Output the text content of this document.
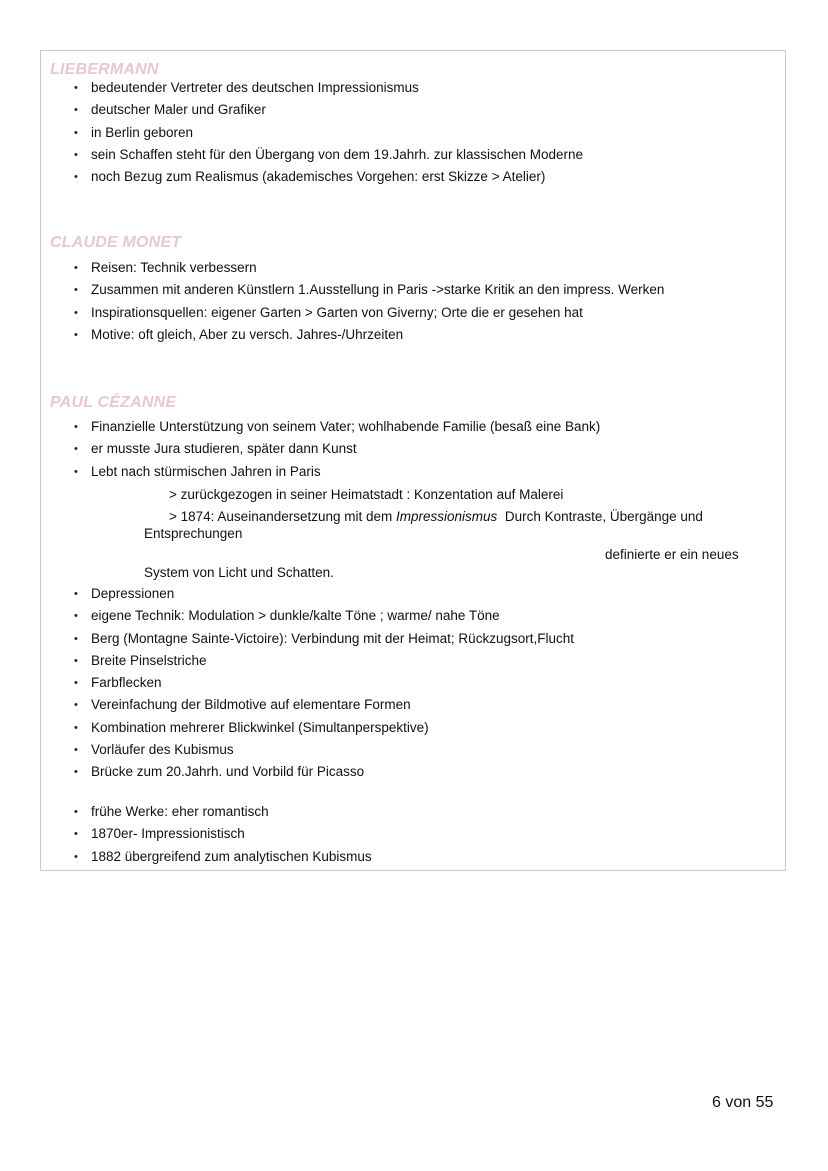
LIEBERMANN
• bedeutender Vertreter des deutschen Impressionismus
• deutscher Maler und Grafiker
• in Berlin geboren
• sein Schaffen steht für den Übergang von dem 19.Jahrh. zur klassischen Moderne
• noch Bezug zum Realismus (akademisches Vorgehen: erst Skizze > Atelier)
CLAUDE MONET
• Reisen: Technik verbessern
• Zusammen mit anderen Künstlern 1.Ausstellung in Paris ->starke Kritik an den impress. Werken
• Inspirationsquellen: eigener Garten > Garten von Giverny; Orte die er gesehen hat
• Motive: oft gleich, Aber zu versch. Jahres-/Uhrzeiten
PAUL CÉZANNE
• Finanzielle Unterstützung von seinem Vater; wohlhabende Familie (besaß eine Bank)
• er musste Jura studieren, später dann Kunst
• Lebt nach stürmischen Jahren in Paris
> zurückgezogen in seiner Heimatstadt : Konzentation auf Malerei
> 1874: Auseinandersetzung mit dem Impressionismus  Durch Kontraste, Übergänge und
Entsprechungen
definierte er ein neues
System von Licht und Schatten.
• Depressionen
• eigene Technik: Modulation > dunkle/kalte Töne ; warme/ nahe Töne
• Berg (Montagne Sainte-Victoire): Verbindung mit der Heimat; Rückzugsort,Flucht
• Breite Pinselstriche
• Farbflecken
• Vereinfachung der Bildmotive auf elementare Formen
• Kombination mehrerer Blickwinkel (Simultanperspektive)
• Vorläufer des Kubismus
• Brücke zum 20.Jahrh. und Vorbild für Picasso
• frühe Werke: eher romantisch
• 1870er- Impressionistisch
• 1882 übergreifend zum analytischen Kubismus
6 von 55
